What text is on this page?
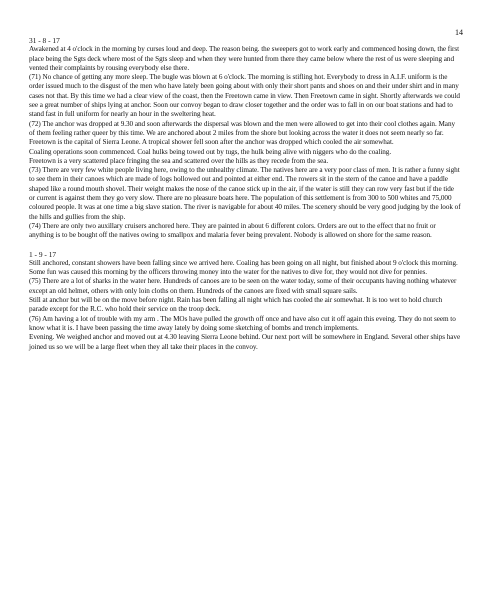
14

31 - 8 - 17

Awakened at 4 o'clock in the morning by curses loud and deep. The reason being. the sweepers got to work early and commenced hosing down, the first place being the Sgts deck where most of the Sgts sleep and when they were hunted from there they came below where the rest of us were sleeping and vented their complaints by rousing everybody else there.

(71) No chance of getting any more sleep. The bugle was blown at 6 o'clock. The morning is stifling hot. Everybody to dress in A.I.F. uniform is the order issued much to the disgust of the men who have lately been going about with only their short pants and shoes on and their under shirt and in many cases not that. By this time we had a clear view of the coast, then the Freetown came in view. Then Freetown came in sight. Shortly afterwards we could see a great number of ships lying at anchor. Soon our convoy began to draw closer together and the order was to fall in on our boat stations and had to stand fast in full uniform for nearly an hour in the sweltering heat.

(72) The anchor was dropped at 9.30 and soon afterwards the dispersal was blown and the men were allowed to get into their cool clothes again. Many of them feeling rather queer by this time. We are anchored about 2 miles from the shore but looking across the water it does not seem nearly so far. Freetown is the capital of Sierra Leone. A tropical shower fell soon after the anchor was dropped which cooled the air somewhat.

Coaling operations soon commenced. Coal hulks being towed out by tugs, the hulk being alive with niggers who do the coaling.

Freetown is a very scattered place fringing the sea and scattered over the hills as they recede from the sea.

(73) There are very few white people living here, owing to the unhealthy climate. The natives here are a very poor class of men. It is rather a funny sight to see them in their canoes which are made of logs hollowed out and pointed at either end. The rowers sit in the stern of the canoe and have a paddle shaped like a round mouth shovel. Their weight makes the nose of the canoe stick up in the air, if the water is still they can row very fast but if the tide or current is against them they go very slow. There are no pleasure boats here. The population of this settlement is from 300 to 500 whites and 75,000 coloured people. It was at one time a big slave station. The river is navigable for about 40 miles. The scenery should be very good judging by the look of the hills and gullies from the ship.

(74) There are only two auxillary cruisers anchored here. They are painted in about 6 different colors. Orders are out to the effect that no fruit or anything is to be bought off the natives owing to smallpox and malaria fever being prevalent. Nobody is allowed on shore for the same reason.

1 - 9 - 17

Still anchored, constant showers have been falling since we arrived here. Coaling has been going on all night, but finished about 9 o'clock this morning. Some fun was caused this morning by the officers throwing money into the water for the natives to dive for, they would not dive for pennies.

(75) There are a lot of sharks in the water here. Hundreds of canoes are to be seen on the water today, some of their occupants having nothing whatever except an old helmet, others with only loin cloths on them. Hundreds of the canoes are fixed with small square sails.

Still at anchor but will be on the move before night. Rain has been falling all night which has cooled the air somewhat. It is too wet to hold church parade except for the R.C. who hold their service on the troop deck.

(76) Am having a lot of trouble with my arm . The MOs have pulled the growth off once and have also cut it off again this eveing. They do not seem to know what it is. I have been passing the time away lately by doing some sketching of bombs and trench implements.

Evening. We weighed anchor and moved out at 4.30 leaving Sierra Leone behind. Our next port will be somewhere in England. Several other ships have joined us so we will be a large fleet when they all take their places in the convoy.
